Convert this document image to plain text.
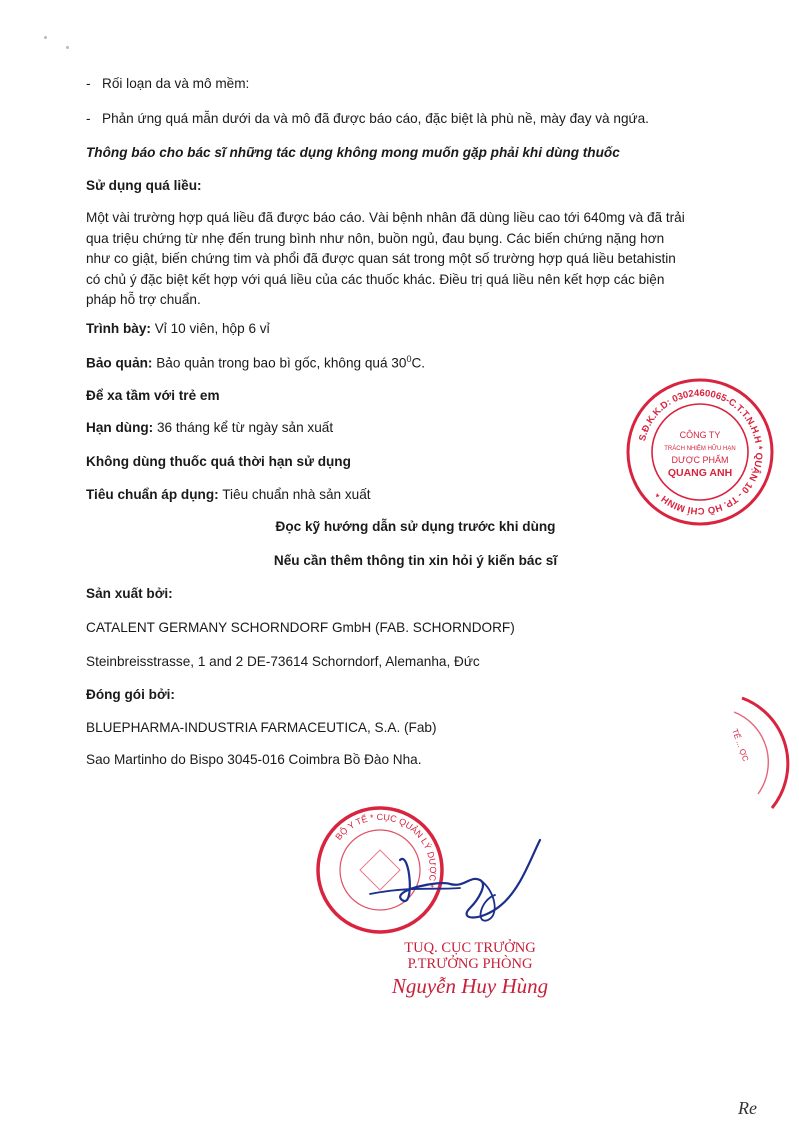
- Rối loạn da và mô mềm:
- Phản ứng quá mẫn dưới da và mô đã được báo cáo, đặc biệt là phù nề, mày đay và ngứa.
Thông báo cho bác sĩ những tác dụng không mong muốn gặp phải khi dùng thuốc
Sử dụng quá liều:
Một vài trường hợp quá liều đã được báo cáo. Vài bệnh nhân đã dùng liều cao tới 640mg và đã trải
qua triệu chứng từ nhẹ đến trung bình như nôn, buồn ngủ, đau bụng. Các biến chứng nặng hơn
như co giật, biến chứng tim và phổi đã được quan sát trong một số trường hợp quá liều betahistin
có chủ ý đặc biệt kết hợp với quá liều của các thuốc khác. Điều trị quá liều nên kết hợp các biện
pháp hỗ trợ chuẩn.
Trình bày: Vỉ 10 viên, hộp 6 vỉ
Bảo quản: Bảo quản trong bao bì gốc, không quá $30^0C$.
Để xa tầm với trẻ em
Hạn dùng: 36 tháng kể từ ngày sản xuất
Không dùng thuốc quá thời hạn sử dụng
Tiêu chuẩn áp dụng: Tiêu chuẩn nhà sản xuất
Đọc kỹ hướng dẫn sử dụng trước khi dùng
Nếu cần thêm thông tin xin hỏi ý kiến bác sĩ
Sản xuất bởi:
CATALENT GERMANY SCHORNDORF GmbH (FAB. SCHORNDORF)
Steinbreisstrasse, 1 and 2 DE-73614 Schorndorf, Alemanha, Đức
Đóng gói bởi:
BLUEPHARMA-INDUSTRIA FARMACEUTICA, S.A. (Fab)
Sao Martinho do Bispo 3045-016 Coimbra Bồ Đào Nha.
S.Đ.K.K.D: 0302460065-C.T.T.N.H.H * QUẬN 10 - TP. HỒ CHÍ MINH *
CÔNG TY
TRÁCH NHIỆM HỮU HẠN
DƯỢC PHẨM
QUANG ANH
TẾ ... ỢC
BỘ Y TẾ * CỤC QUẢN LÝ DƯỢC *
TUQ. CỤC TRƯỞNG
P.TRƯỞNG PHÒNG
Nguyễn Huy Hùng
Re
